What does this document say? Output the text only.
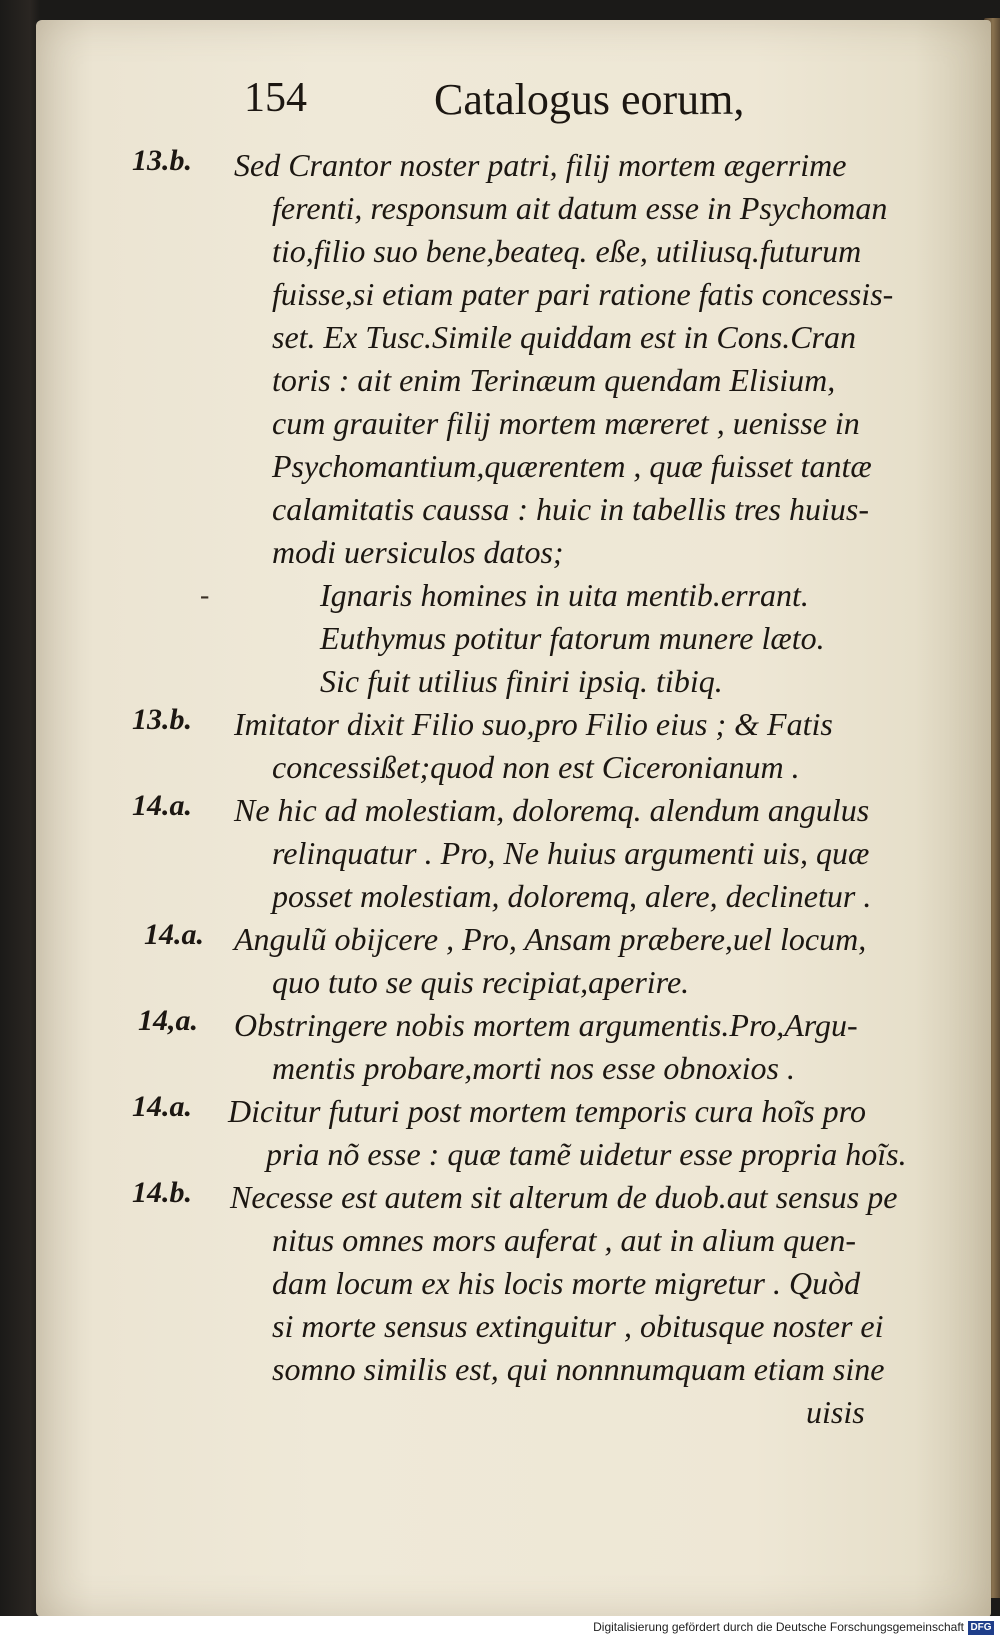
154	Catalogus eorum,
13.b.	Sed Crantor noster patri, filij mortem ægerrime
ferenti, responsum ait datum esse in Psychoman
tio,filio suo bene,beateq. eße, utiliusq.futurum
fuisse,si etiam pater pari ratione fatis concessis-
set. Ex Tusc.Simile quiddam est in Cons.Cran
toris : ait enim Terinæum quendam Elisium,
cum grauiter filij mortem mæreret , uenisse in
Psychomantium,quærentem , quæ fuisset tantæ
calamitatis caussa : huic in tabellis tres huius-
modi uersiculos datos;
-	Ignaris homines in uita mentib.errant.
Euthymus potitur fatorum munere læto.
Sic fuit utilius finiri ipsiq. tibiq.
13.b.	Imitator dixit Filio suo,pro Filio eius ; & Fatis
concessißet;quod non est Ciceronianum .
14.a.	Ne hic ad molestiam, doloremq. alendum angulus
relinquatur . Pro, Ne huius argumenti uis, quæ
posset molestiam, doloremq, alere, declinetur .
14.a. Angulũ obijcere , Pro, Ansam præbere,uel locum,
quo tuto se quis recipiat,aperire.
14,a.	Obstringere nobis mortem argumentis.Pro,Argu-
mentis probare,morti nos esse obnoxios .
14.a.	Dicitur futuri post mortem temporis cura hoĩs pro
pria nõ esse : quæ tamẽ uidetur esse propria hoĩs.
14.b.	Necesse est autem sit alterum de duob.aut sensus pe
nitus omnes mors auferat , aut in alium quen-
dam locum ex his locis morte migretur . Quòd
si morte sensus extinguitur , obitusque noster ei
somno similis est, qui nonnnumquam etiam sine
uisis
Digitalisierung gefördert durch die Deutsche Forschungsgemeinschaft DFG
